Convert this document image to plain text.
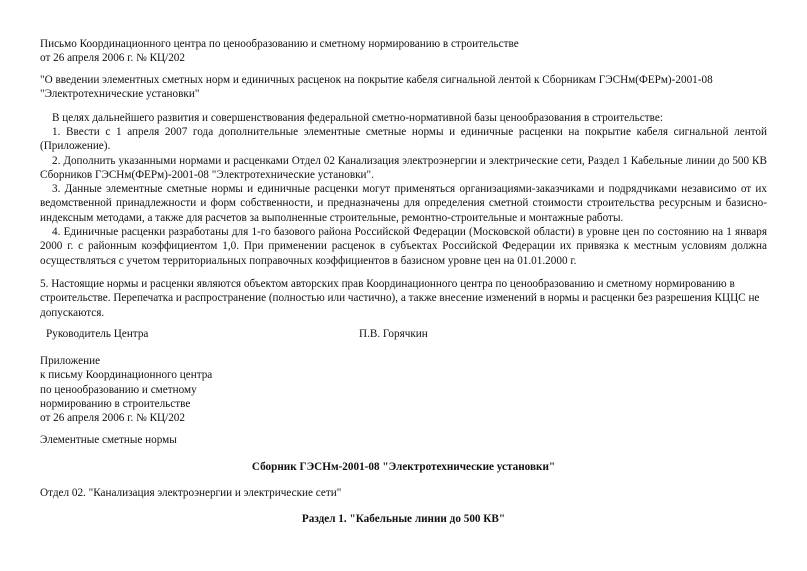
Письмо Координационного центра по ценообразованию и сметному нормированию в строительстве
от 26 апреля 2006 г. № КЦ/202
"О введении элементных сметных норм и единичных расценок на покрытие кабеля сигнальной лентой к Сборникам ГЭСНм(ФЕРм)-2001-08
"Электротехнические установки"
В целях дальнейшего развития и совершенствования федеральной сметно-нормативной базы ценообразования в строительстве:

1. Ввести с 1 апреля 2007 года дополнительные элементные сметные нормы и единичные расценки на покрытие кабеля сигнальной лентой (Приложение).

2. Дополнить указанными нормами и расценками Отдел 02 Канализация электроэнергии и электрические сети, Раздел 1 Кабельные линии до 500 КВ Сборников ГЭСНм(ФЕРм)-2001-08 "Электротехнические установки".

3. Данные элементные сметные нормы и единичные расценки могут применяться организациями-заказчиками и подрядчиками независимо от их ведомственной принадлежности и форм собственности, и предназначены для определения сметной стоимости строительства ресурсным и базисно-индексным методами, а также для расчетов за выполненные строительные, ремонтно-строительные и монтажные работы.

4. Единичные расценки разработаны для 1-го базового района Российской Федерации (Московской области) в уровне цен по состоянию на 1 января 2000 г. с районным коэффициентом 1,0. При применении расценок в субъектах Российской Федерации их привязка к местным условиям должна осуществляться с учетом территориальных поправочных коэффициентов в базисном уровне цен на 01.01.2000 г.

5. Настоящие нормы и расценки являются объектом авторских прав Координационного центра по ценообразованию и сметному нормированию в строительстве. Перепечатка и распространение (полностью или частично), а также внесение изменений в нормы и расценки без разрешения КЦЦС не допускаются.
Руководитель Центра	П.В. Горячкин
Приложение
к письму Координационного центра
по ценообразованию и сметному
нормированию в строительстве
от 26 апреля 2006 г. № КЦ/202
Элементные сметные нормы
Сборник ГЭСНм-2001-08 "Электротехнические установки"
Отдел 02. "Канализация электроэнергии и электрические сети"
Раздел 1. "Кабельные линии до 500 КВ"
